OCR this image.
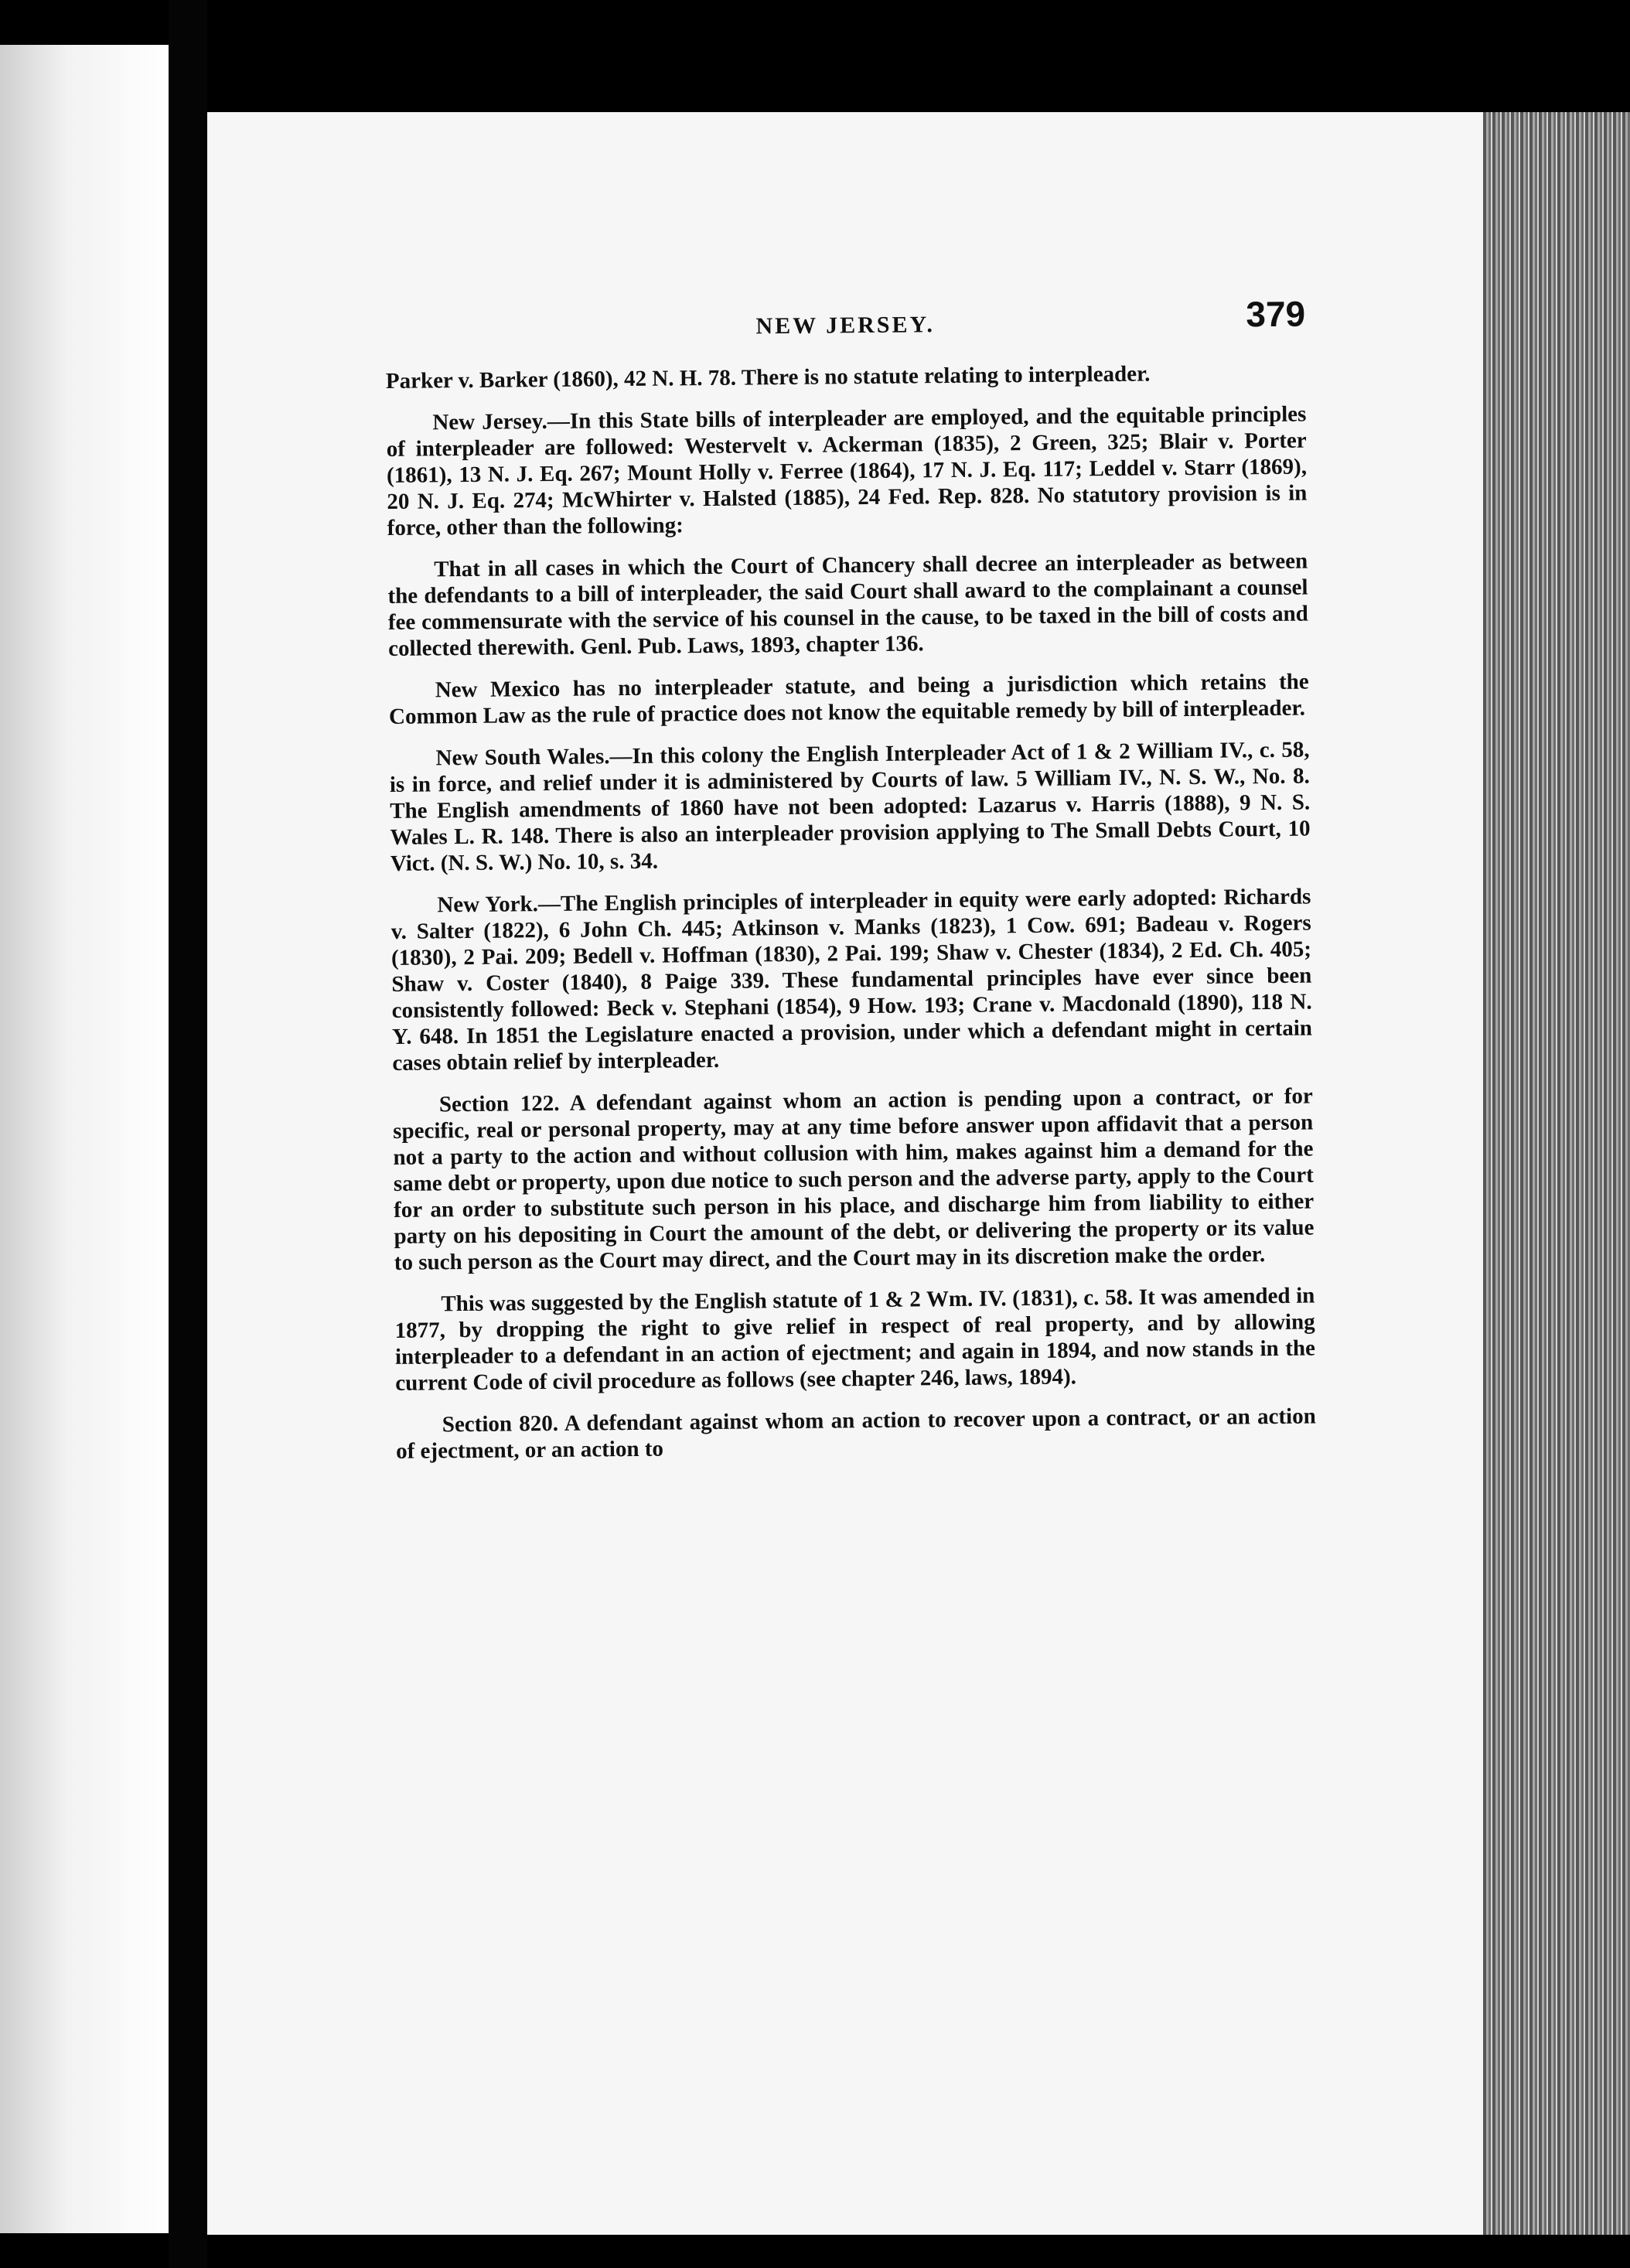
NEW JERSEY.	379

Parker v. Barker (1860), 42 N. H. 78. There is no statute relating to interpleader.

New Jersey.—In this State bills of interpleader are employed, and the equitable principles of interpleader are followed: Westervelt v. Ackerman (1835), 2 Green, 325; Blair v. Porter (1861), 13 N. J. Eq. 267; Mount Holly v. Ferree (1864), 17 N. J. Eq. 117; Leddel v. Starr (1869), 20 N. J. Eq. 274; McWhirter v. Halsted (1885), 24 Fed. Rep. 828. No statutory provision is in force, other than the following:

That in all cases in which the Court of Chancery shall decree an interpleader as between the defendants to a bill of interpleader, the said Court shall award to the complainant a counsel fee commensurate with the service of his counsel in the cause, to be taxed in the bill of costs and collected therewith. Genl. Pub. Laws, 1893, chapter 136.

New Mexico has no interpleader statute, and being a jurisdiction which retains the Common Law as the rule of practice does not know the equitable remedy by bill of interpleader.

New South Wales.—In this colony the English Interpleader Act of 1 & 2 William IV., c. 58, is in force, and relief under it is administered by Courts of law. 5 William IV., N. S. W., No. 8. The English amendments of 1860 have not been adopted: Lazarus v. Harris (1888), 9 N. S. Wales L. R. 148. There is also an interpleader provision applying to The Small Debts Court, 10 Vict. (N. S. W.) No. 10, s. 34.

New York.—The English principles of interpleader in equity were early adopted: Richards v. Salter (1822), 6 John Ch. 445; Atkinson v. Manks (1823), 1 Cow. 691; Badeau v. Rogers (1830), 2 Pai. 209; Bedell v. Hoffman (1830), 2 Pai. 199; Shaw v. Chester (1834), 2 Ed. Ch. 405; Shaw v. Coster (1840), 8 Paige 339. These fundamental principles have ever since been consistently followed: Beck v. Stephani (1854), 9 How. 193; Crane v. Macdonald (1890), 118 N. Y. 648. In 1851 the Legislature enacted a provision, under which a defendant might in certain cases obtain relief by interpleader.

Section 122. A defendant against whom an action is pending upon a contract, or for specific, real or personal property, may at any time before answer upon affidavit that a person not a party to the action and without collusion with him, makes against him a demand for the same debt or property, upon due notice to such person and the adverse party, apply to the Court for an order to substitute such person in his place, and discharge him from liability to either party on his depositing in Court the amount of the debt, or delivering the property or its value to such person as the Court may direct, and the Court may in its discretion make the order.

This was suggested by the English statute of 1 & 2 Wm. IV. (1831), c. 58. It was amended in 1877, by dropping the right to give relief in respect of real property, and by allowing interpleader to a defendant in an action of ejectment; and again in 1894, and now stands in the current Code of civil procedure as follows (see chapter 246, laws, 1894).

Section 820. A defendant against whom an action to recover upon a contract, or an action of ejectment, or an action to
